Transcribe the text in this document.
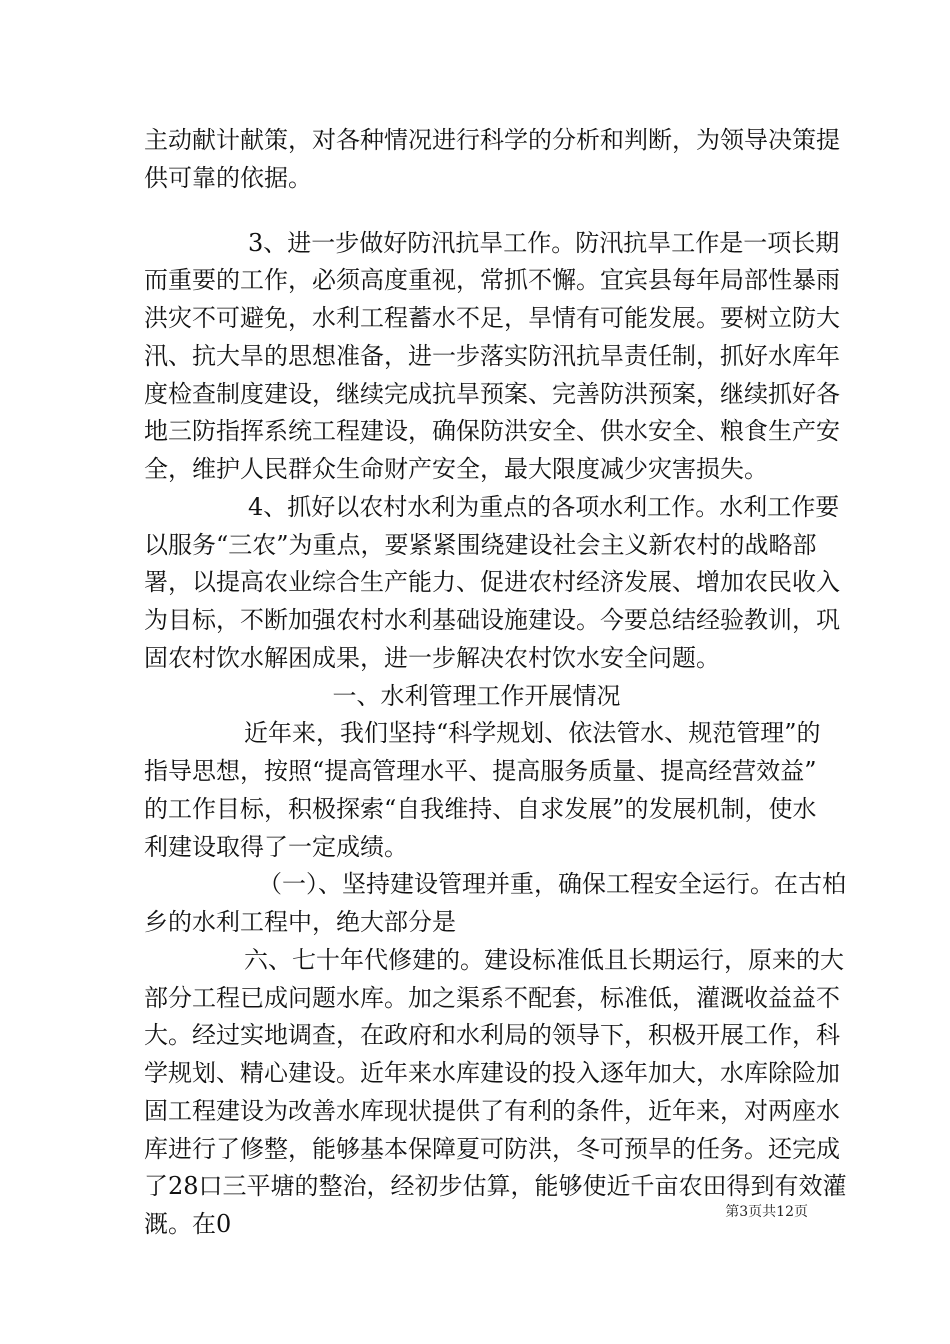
主动献计献策，对各种情况进行科学的分析和判断，为领导决策提
供可靠的依据。
3、进一步做好防汛抗旱工作。防汛抗旱工作是一项长期
而重要的工作，必须高度重视，常抓不懈。宜宾县每年局部性暴雨
洪灾不可避免，水利工程蓄水不足，旱情有可能发展。要树立防大
汛、抗大旱的思想准备，进一步落实防汛抗旱责任制，抓好水库年
度检查制度建设，继续完成抗旱预案、完善防洪预案，继续抓好各
地三防指挥系统工程建设，确保防洪安全、供水安全、粮食生产安
全，维护人民群众生命财产安全，最大限度减少灾害损失。
4、抓好以农村水利为重点的各项水利工作。水利工作要
以服务“三农”为重点，要紧紧围绕建设社会主义新农村的战略部
署，以提高农业综合生产能力、促进农村经济发展、增加农民收入
为目标，不断加强农村水利基础设施建设。今要总结经验教训，巩
固农村饮水解困成果，进一步解决农村饮水安全问题。
一、水利管理工作开展情况
近年来，我们坚持“科学规划、依法管水、规范管理”的
指导思想，按照“提高管理水平、提高服务质量、提高经营效益”
的工作目标，积极探索“自我维持、自求发展”的发展机制，使水
利建设取得了一定成绩。
（一）、坚持建设管理并重，确保工程安全运行。在古柏
乡的水利工程中，绝大部分是
六、七十年代修建的。建设标准低且长期运行，原来的大
部分工程已成问题水库。加之渠系不配套，标准低，灌溉收益益不
大。经过实地调查，在政府和水利局的领导下，积极开展工作，科
学规划、精心建设。近年来水库建设的投入逐年加大，水库除险加
固工程建设为改善水库现状提供了有利的条件，近年来，对两座水
库进行了修整，能够基本保障夏可防洪，冬可预旱的任务。还完成
了28口三平塘的整治，经初步估算，能够使近千亩农田得到有效灌
溉。在0	第3页共12页
